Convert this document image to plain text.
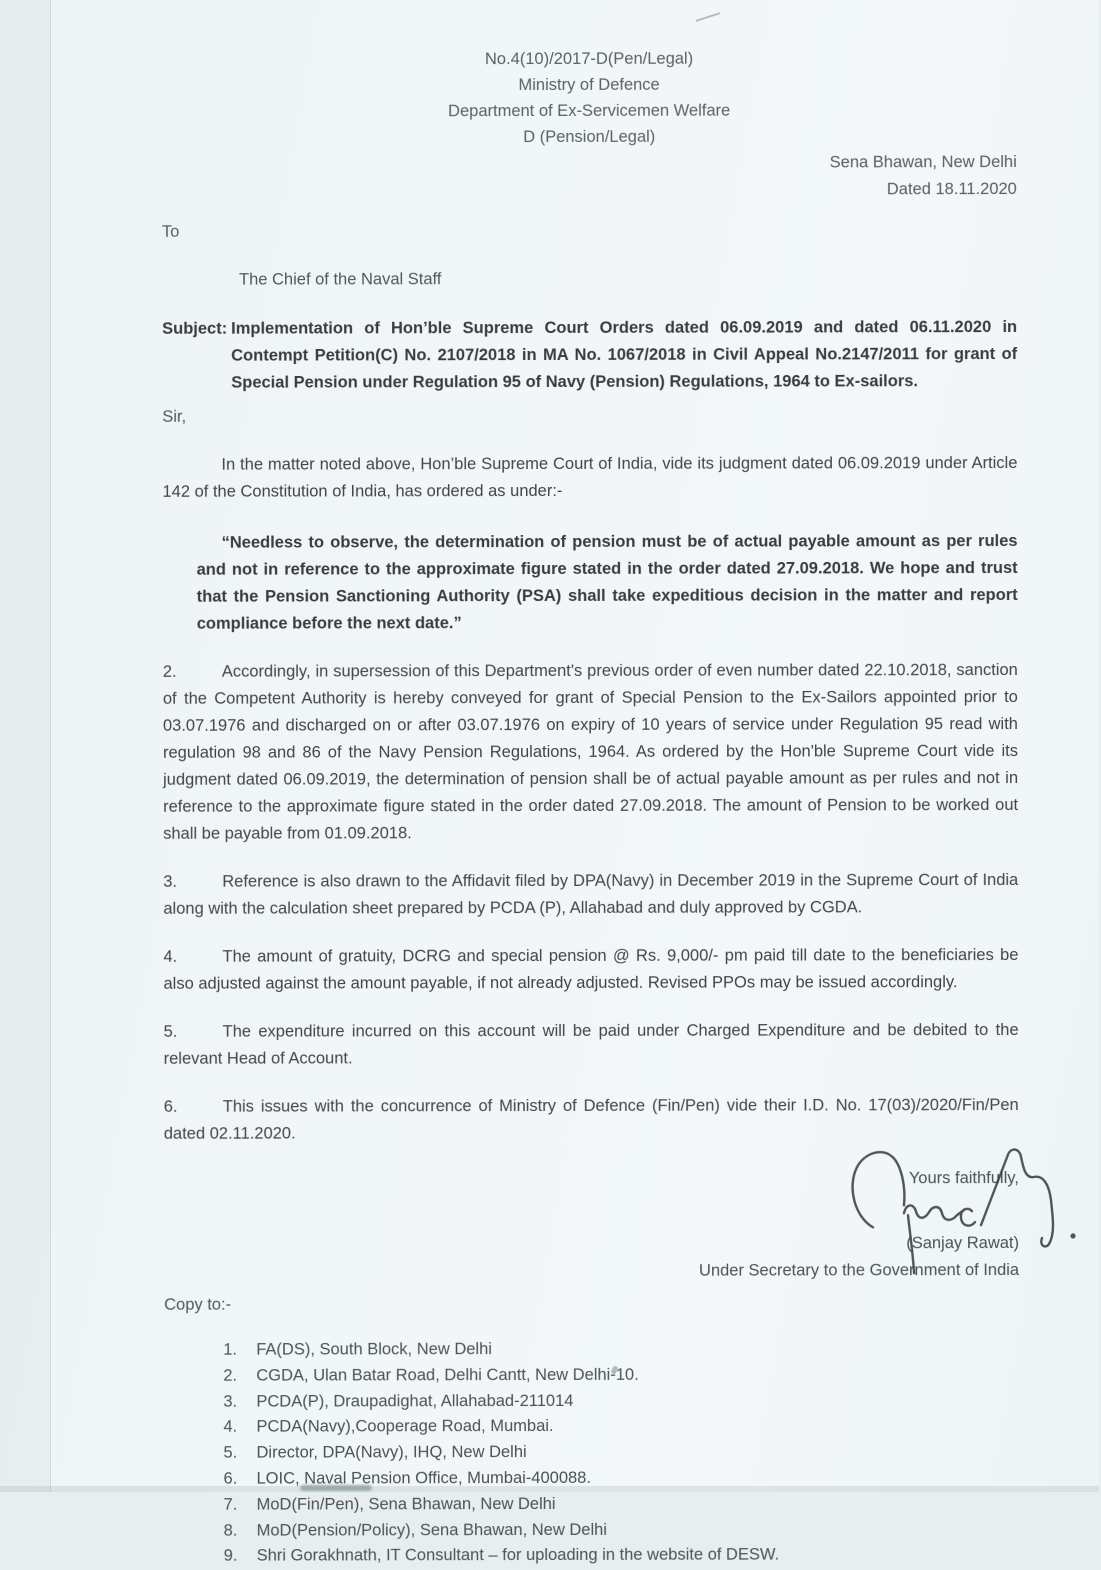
No.4(10)/2017-D(Pen/Legal)
Ministry of Defence
Department of Ex-Servicemen Welfare
D (Pension/Legal)
Sena Bhawan, New Delhi
Dated 18.11.2020
To
The Chief of the Naval Staff
Subject: Implementation of Hon’ble Supreme Court Orders dated 06.09.2019 and dated 06.11.2020 in Contempt Petition(C) No. 2107/2018 in MA No. 1067/2018 in Civil Appeal No.2147/2011 for grant of Special Pension under Regulation 95 of Navy (Pension) Regulations, 1964 to Ex-sailors.
Sir,

In the matter noted above, Hon’ble Supreme Court of India, vide its judgment dated 06.09.2019 under Article 142 of the Constitution of India, has ordered as under:-

“Needless to observe, the determination of pension must be of actual payable amount as per rules and not in reference to the approximate figure stated in the order dated 27.09.2018. We hope and trust that the Pension Sanctioning Authority (PSA) shall take expeditious decision in the matter and report compliance before the next date.”

2.	Accordingly, in supersession of this Department's previous order of even number dated 22.10.2018, sanction of the Competent Authority is hereby conveyed for grant of Special Pension to the Ex-Sailors appointed prior to 03.07.1976 and discharged on or after 03.07.1976 on expiry of 10 years of service under Regulation 95 read with regulation 98 and 86 of the Navy Pension Regulations, 1964. As ordered by the Hon'ble Supreme Court vide its judgment dated 06.09.2019, the determination of pension shall be of actual payable amount as per rules and not in reference to the approximate figure stated in the order dated 27.09.2018. The amount of Pension to be worked out shall be payable from 01.09.2018.

3.	Reference is also drawn to the Affidavit filed by DPA(Navy) in December 2019 in the Supreme Court of India along with the calculation sheet prepared by PCDA (P), Allahabad and duly approved by CGDA.

4.	The amount of gratuity, DCRG and special pension @ Rs. 9,000/- pm paid till date to the beneficiaries be also adjusted against the amount payable, if not already adjusted. Revised PPOs may be issued accordingly.

5.	The expenditure incurred on this account will be paid under Charged Expenditure and be debited to the relevant Head of Account.

6.	This issues with the concurrence of Ministry of Defence (Fin/Pen) vide their I.D. No. 17(03)/2020/Fin/Pen dated 02.11.2020.

Yours faithfully,
(Sanjay Rawat)
Under Secretary to the Government of India
Copy to:-
1. FA(DS), South Block, New Delhi
2. CGDA, Ulan Batar Road, Delhi Cantt, New Delhi-10.
3. PCDA(P), Draupadighat, Allahabad-211014
4. PCDA(Navy),Cooperage Road, Mumbai.
5. Director, DPA(Navy), IHQ, New Delhi
6. LOIC, Naval Pension Office, Mumbai-400088.
7. MoD(Fin/Pen), Sena Bhawan, New Delhi
8. MoD(Pension/Policy), Sena Bhawan, New Delhi
9. Shri Gorakhnath, IT Consultant – for uploading in the website of DESW.
